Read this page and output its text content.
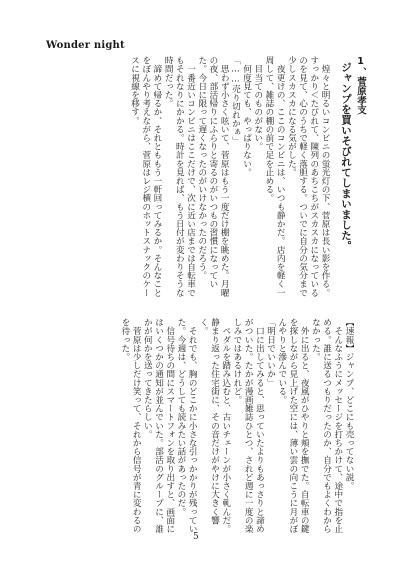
Wonder night
1、菅原孝支
ジャンプを買いそびれてしまいました。
　煌々と明るいコンビニの蛍光灯の下、菅原は長い影を作る。すっかり＜たびれて、陳列のあちこちがスカスカになっているのを見て、心のうちで軽く落胆する。ついでに自分の気分まで少しスカスカになる気がした。
　夜更けの、ここのコンビニは、いつも静かだ。店内を軽く一周して、雑誌の棚の前で足を止める。
　目当てのものがない。
　何度見ても、やっぱりない。
「……売り切れかぁ」
　思わず小さく呟いて、菅原はもう一度だけ棚を眺めた。月曜の夜、部活帰りにふらりと寄るのがいつもの習慣になっていた。今日に限って遅くなったのがいけなかったのだろう。
　一番近いコンビニはここだけで、次に近い店までは自転車でもそれなりにかかる。時計を見れば、もう日付が変わりそうな時間だった。
　諦めて帰るか、それとももう一軒回ってみるか。そんなことをぼんやり考えながら、菅原はレジ横のホットスナックのケースに視線を移す。
【速報】ジャンプ、どこにも売ってない説。
　そんなふうにメッセージを打ちかけて、途中で指を止める。誰に送るつもりだったのか、自分でもよくわからなかった。
　外に出ると、夜風がひやりと頬を撫でた。自転車の鍵を探しながら見上げた空には、薄い雲の向こうに月がぼんやりと滲んでいる。
「明日でいいか」
　口に出してみると、思っていたよりもあっさりと諦めがついた。たかが漫画雑誌ひとつ、されど週に一度の楽しみではあるけれど。
　ペダルを踏み込むと、古いチェーンが小さく軋んだ。静まり返った住宅街に、その音だけがやけに大きく響く。
　それでも、胸のどこかに小さな引っかかりが残っていた。今週は、どうしても読みたい話があったのだ。
　信号待ちの間にスマートフォンを取り出すと、画面にはいくつかの通知が並んでいた。部活のグループに、誰かが何かを送ってきたらしい。
　菅原は少しだけ笑って、それから信号が青に変わるのを待った。
5
